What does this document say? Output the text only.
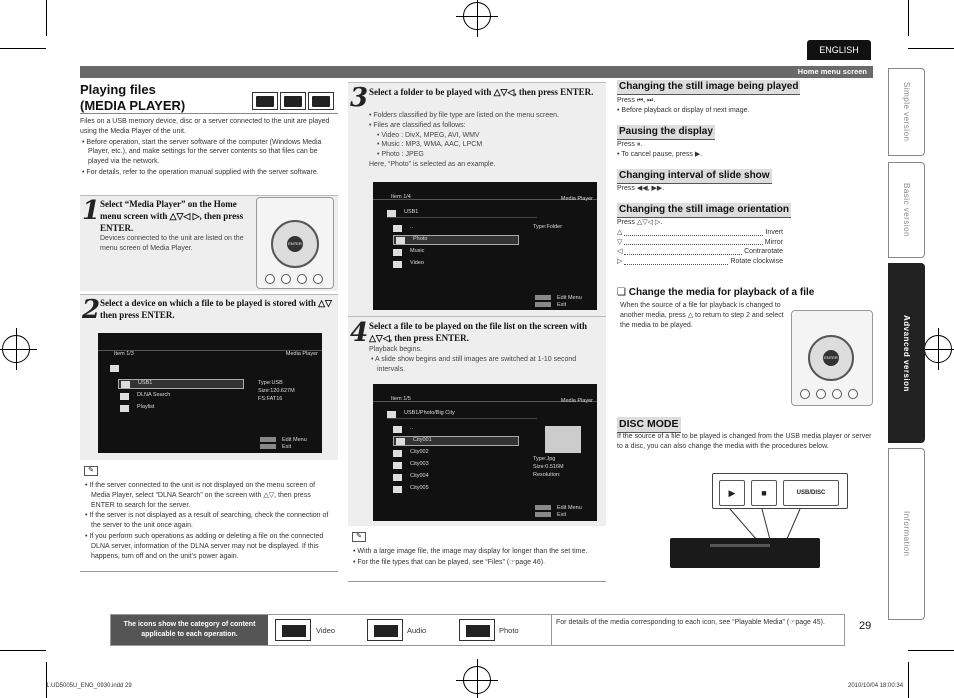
ENGLISH
Home menu screen
Simple version
Basic version
Advanced version
Information
Playing files
(MEDIA PLAYER)

Files on a USB memory device, disc or a server connected to the unit are played using the Media Player of the unit.

• Before operation, start the server software of the computer (Windows Media Player, etc.), and make settings for the server contents so that files can be played via the network.

• For details, refer to the operation manual supplied with the server software.

1 Select “Media Player” on the Home menu screen with △▽◁ ▷, then press ENTER.
Devices connected to the unit are listed on the menu screen of Media Player.
ENTER
2 Select a device on which a file to be played is stored with △▽ then press ENTER.
Item 1/3	Media Player
USB1
DLNA Search
Playlist
Type:USB
Size:120.627M
FS:FAT16
Edit Menu
Exit
✎

• If the server connected to the unit is not displayed on the menu screen of Media Player, select “DLNA Search” on the screen with △▽, then press ENTER to search for the server.

• If the server is not displayed as a result of searching, check the connection of the server to the unit once again.

• If you perform such operations as adding or deleting a file on the connected DLNA server, information of the DLNA server may not be displayed. If this happens, turn off and on the unit’s power again.

3 Select a folder to be played with △▽◁, then press ENTER.
• Folders classified by file type are listed on the menu screen.
• Files are classified as follows:
• Video : DivX, MPEG, AVI, WMV
• Music : MP3, WMA, AAC, LPCM
• Photo : JPEG
Here, “Photo” is selected as an example.
Item 1/4	Media Player
USB1
..
Photo
Music
Video
Type:Folder
Edit Menu
Exit
4 Select a file to be played on the file list on the screen with △▽◁, then press ENTER.
Playback begins.
• A slide show begins and still images are switched at 1-10 second intervals.
Item 1/5	Media Player
USB1/Photo/Big City
..
City001
City002
City003
City004
City005
Type:Jpg
Size:0.516M
Resolution:
Edit Menu
Exit
✎

• With a large image file, the image may display for longer than the set time.

• For the file types that can be played, see “Files” (☞page 46).

Changing the still image being played
Press ⏮, ⏭.
• Before playback or display of next image.
Pausing the display
Press ⏸.
• To cancel pause, press ▶.
Changing interval of slide show
Press ◀◀, ▶▶.
Changing the still image orientation
Press △▽◁ ▷.
△	Invert
▽	Mirror
◁	Contrarotate
▷	Rotate clockwise
❑ Change the media for playback of a file
When the source of a file for playback is changed to another media, press △ to return to step 2 and select the media to be played.
ENTER
DISC MODE
If the source of a file to be played is changed from the USB media player or server to a disc, you can also change the media with the procedures below.
▶	■	USB/DISC
The icons show the category of content applicable to each operation.	Video	Audio	Photo
For details of the media corresponding to each icon, see “Playable Media” (☞page 45).	29
1.UD5005U_ENG_0930.indd 29	2010/10/04 18:00:34
